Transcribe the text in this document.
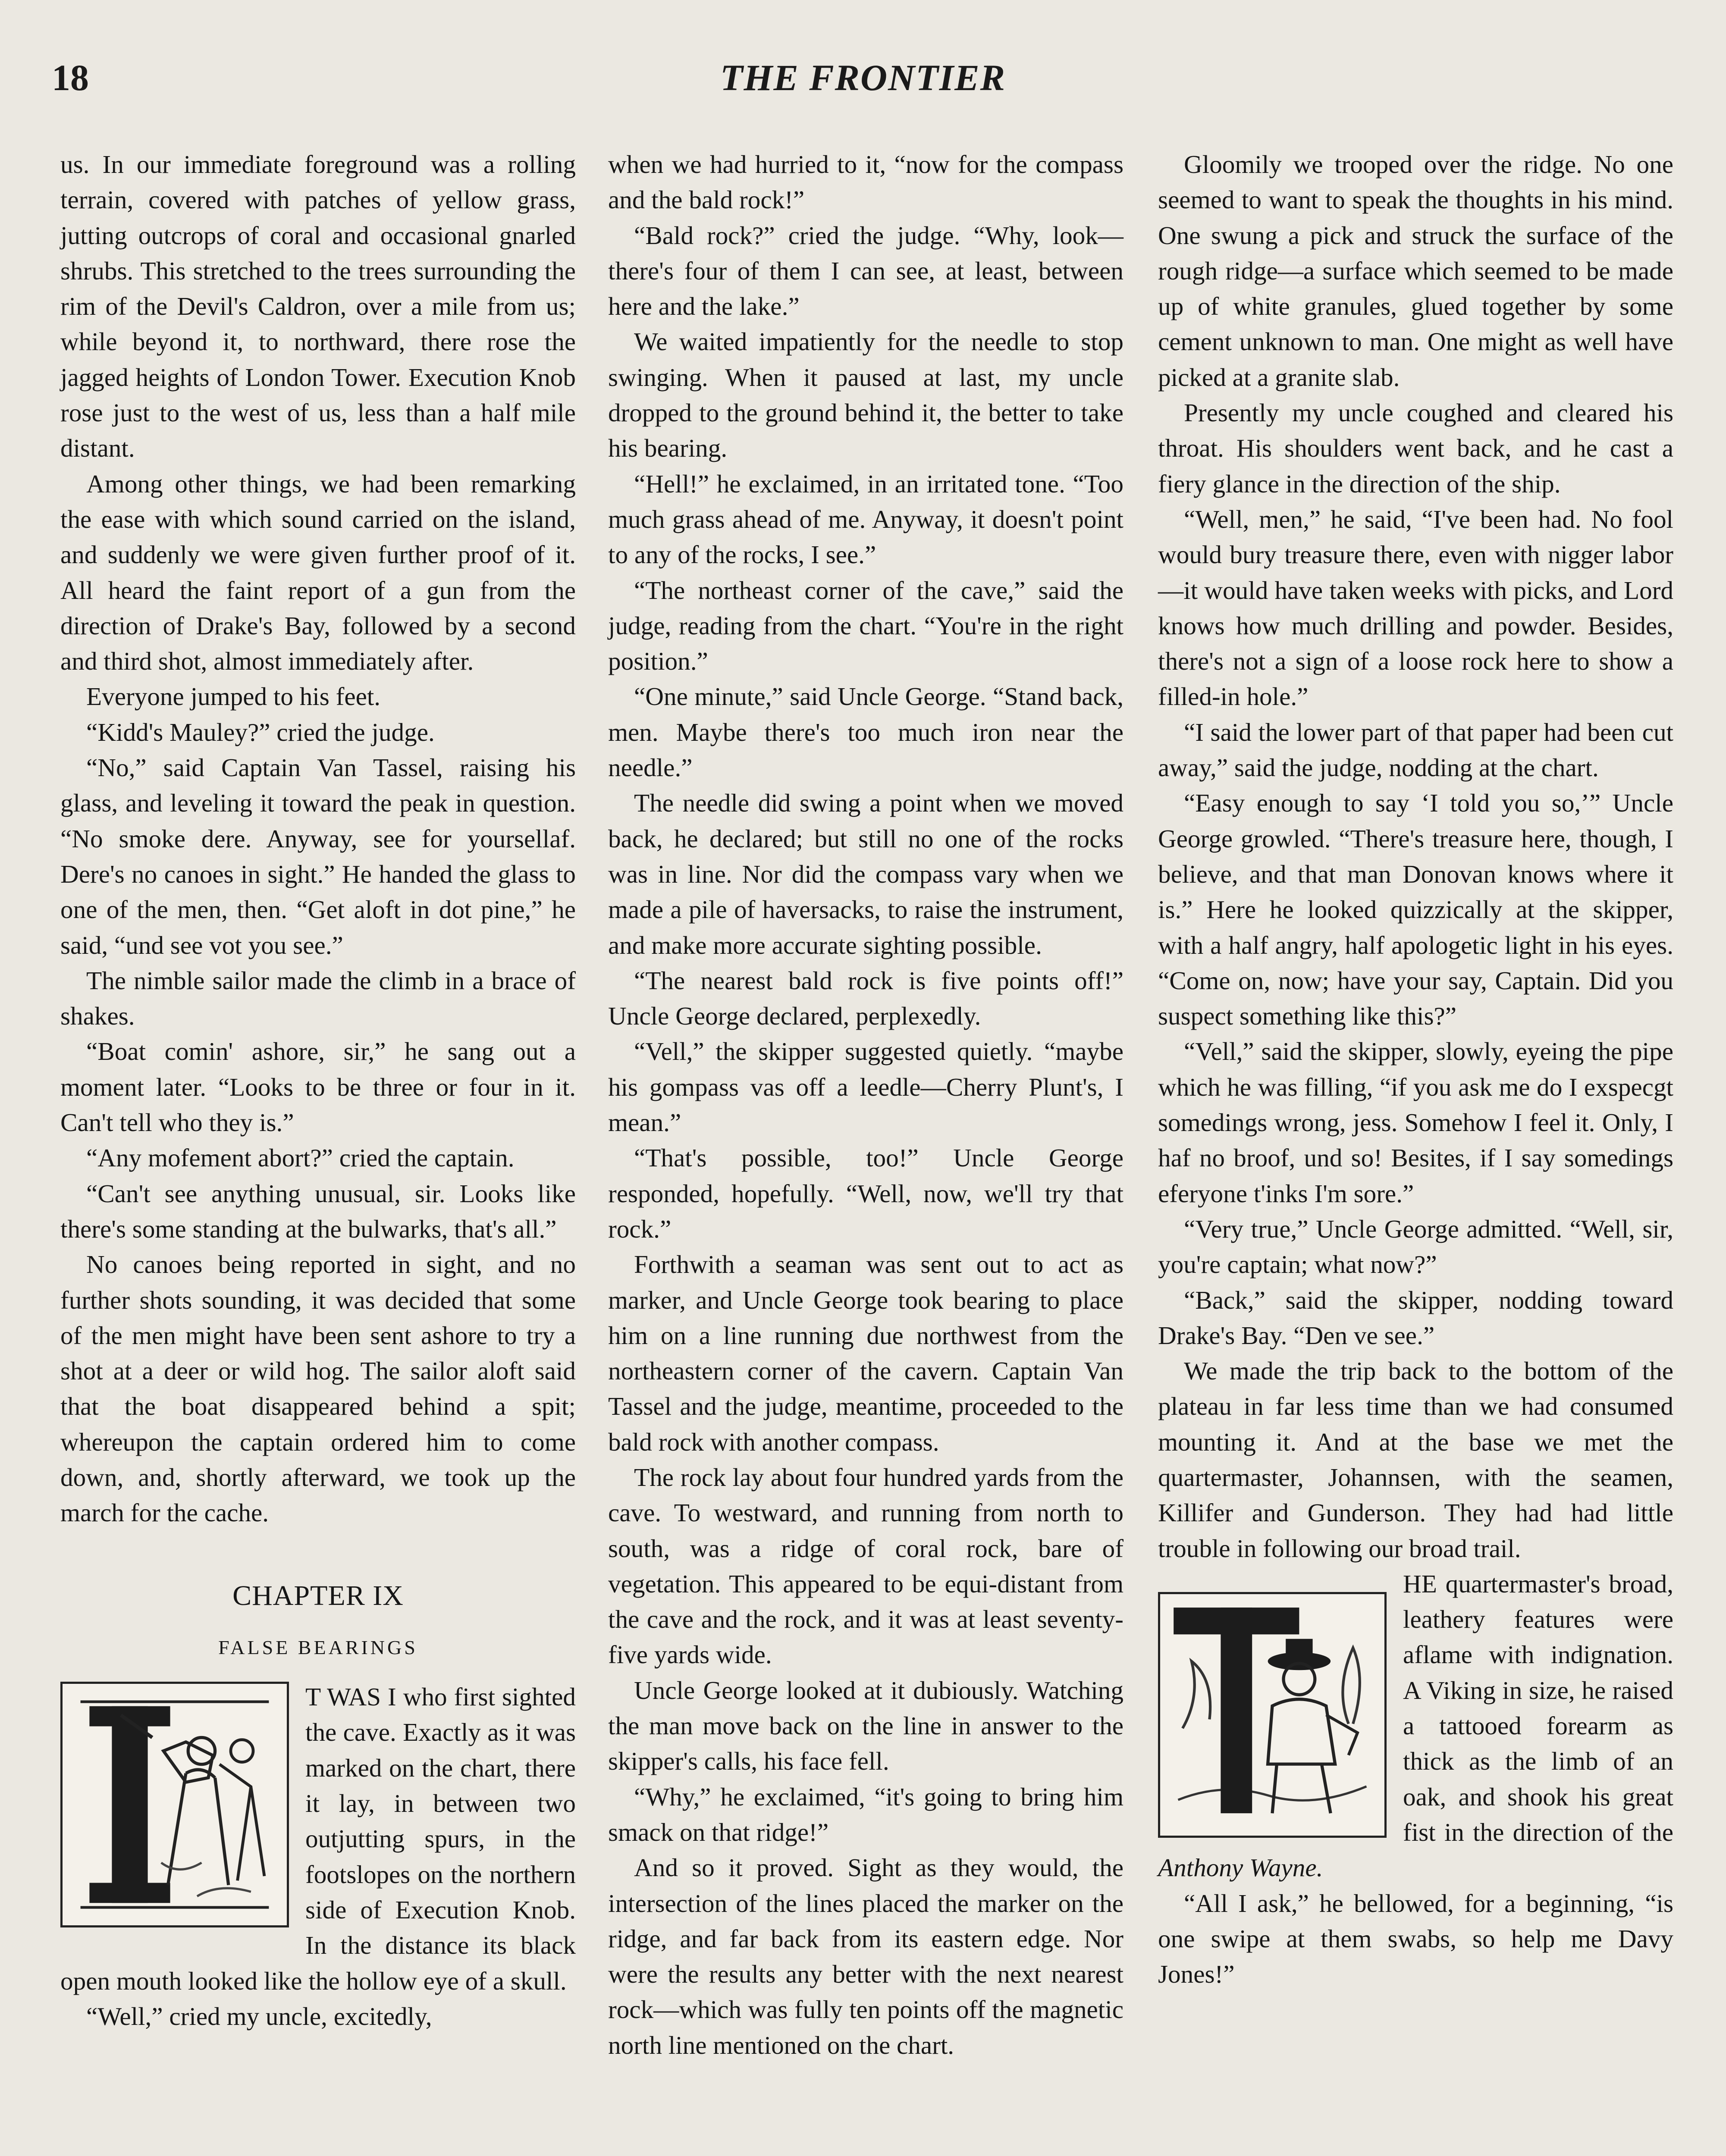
18	THE FRONTIER

us. In our immediate foreground was a rolling terrain, covered with patches of yellow grass, jutting outcrops of coral and occasional gnarled shrubs. This stretched to the trees surrounding the rim of the Devil's Caldron, over a mile from us; while beyond it, to northward, there rose the jagged heights of London Tower. Execution Knob rose just to the west of us, less than a half mile distant.

Among other things, we had been remarking the ease with which sound carried on the island, and suddenly we were given further proof of it. All heard the faint report of a gun from the direction of Drake's Bay, followed by a second and third shot, almost immediately after.

Everyone jumped to his feet.

“Kidd's Mauley?” cried the judge.

“No,” said Captain Van Tassel, raising his glass, and leveling it toward the peak in question. “No smoke dere. Anyway, see for yoursellaf. Dere's no canoes in sight.” He handed the glass to one of the men, then. “Get aloft in dot pine,” he said, “und see vot you see.”

The nimble sailor made the climb in a brace of shakes.

“Boat comin' ashore, sir,” he sang out a moment later. “Looks to be three or four in it. Can't tell who they is.”

“Any mofement abort?” cried the captain.

“Can't see anything unusual, sir. Looks like there's some standing at the bulwarks, that's all.”

No canoes being reported in sight, and no further shots sounding, it was decided that some of the men might have been sent ashore to try a shot at a deer or wild hog. The sailor aloft said that the boat disappeared behind a spit; whereupon the captain ordered him to come down, and, shortly afterward, we took up the march for the cache.

CHAPTER IX
FALSE BEARINGS

T WAS I who first sighted the cave. Exactly as it was marked on the chart, there it lay, in between two outjutting spurs, in the footslopes on the northern side of Execution Knob. In the distance its black open mouth looked like the hollow eye of a skull.

“Well,” cried my uncle, excitedly,

when we had hurried to it, “now for the compass and the bald rock!”

“Bald rock?” cried the judge. “Why, look—there's four of them I can see, at least, between here and the lake.”

We waited impatiently for the needle to stop swinging. When it paused at last, my uncle dropped to the ground behind it, the better to take his bearing.

“Hell!” he exclaimed, in an irritated tone. “Too much grass ahead of me. Anyway, it doesn't point to any of the rocks, I see.”

“The northeast corner of the cave,” said the judge, reading from the chart. “You're in the right position.”

“One minute,” said Uncle George. “Stand back, men. Maybe there's too much iron near the needle.”

The needle did swing a point when we moved back, he declared; but still no one of the rocks was in line. Nor did the compass vary when we made a pile of haversacks, to raise the instrument, and make more accurate sighting possible.

“The nearest bald rock is five points off!” Uncle George declared, perplexedly.

“Vell,” the skipper suggested quietly. “maybe his gompass vas off a leedle—Cherry Plunt's, I mean.”

“That's possible, too!” Uncle George responded, hopefully. “Well, now, we'll try that rock.”

Forthwith a seaman was sent out to act as marker, and Uncle George took bearing to place him on a line running due northwest from the northeastern corner of the cavern. Captain Van Tassel and the judge, meantime, proceeded to the bald rock with another compass.

The rock lay about four hundred yards from the cave. To westward, and running from north to south, was a ridge of coral rock, bare of vegetation. This appeared to be equi-distant from the cave and the rock, and it was at least seventy-five yards wide.

Uncle George looked at it dubiously. Watching the man move back on the line in answer to the skipper's calls, his face fell.

“Why,” he exclaimed, “it's going to bring him smack on that ridge!”

And so it proved. Sight as they would, the intersection of the lines placed the marker on the ridge, and far back from its eastern edge. Nor were the results any better with the next nearest rock—which was fully ten points off the magnetic north line mentioned on the chart.

Gloomily we trooped over the ridge. No one seemed to want to speak the thoughts in his mind. One swung a pick and struck the surface of the rough ridge—a surface which seemed to be made up of white granules, glued together by some cement unknown to man. One might as well have picked at a granite slab.

Presently my uncle coughed and cleared his throat. His shoulders went back, and he cast a fiery glance in the direction of the ship.

“Well, men,” he said, “I've been had. No fool would bury treasure there, even with nigger labor—it would have taken weeks with picks, and Lord knows how much drilling and powder. Besides, there's not a sign of a loose rock here to show a filled-in hole.”

“I said the lower part of that paper had been cut away,” said the judge, nodding at the chart.

“Easy enough to say ‘I told you so,’” Uncle George growled. “There's treasure here, though, I believe, and that man Donovan knows where it is.” Here he looked quizzically at the skipper, with a half angry, half apologetic light in his eyes. “Come on, now; have your say, Captain. Did you suspect something like this?”

“Vell,” said the skipper, slowly, eyeing the pipe which he was filling, “if you ask me do I exspecgt somedings wrong, jess. Somehow I feel it. Only, I haf no broof, und so! Besites, if I say somedings eferyone t'inks I'm sore.”

“Very true,” Uncle George admitted. “Well, sir, you're captain; what now?”

“Back,” said the skipper, nodding toward Drake's Bay. “Den ve see.”

We made the trip back to the bottom of the plateau in far less time than we had consumed mounting it. And at the base we met the quartermaster, Johannsen, with the seamen, Killifer and Gunderson. They had had little trouble in following our broad trail.

HE quartermaster's broad, leathery features were aflame with indignation. A Viking in size, he raised a tattooed forearm as thick as the limb of an oak, and shook his great fist in the direction of the Anthony Wayne.

“All I ask,” he bellowed, for a beginning, “is one swipe at them swabs, so help me Davy Jones!”
